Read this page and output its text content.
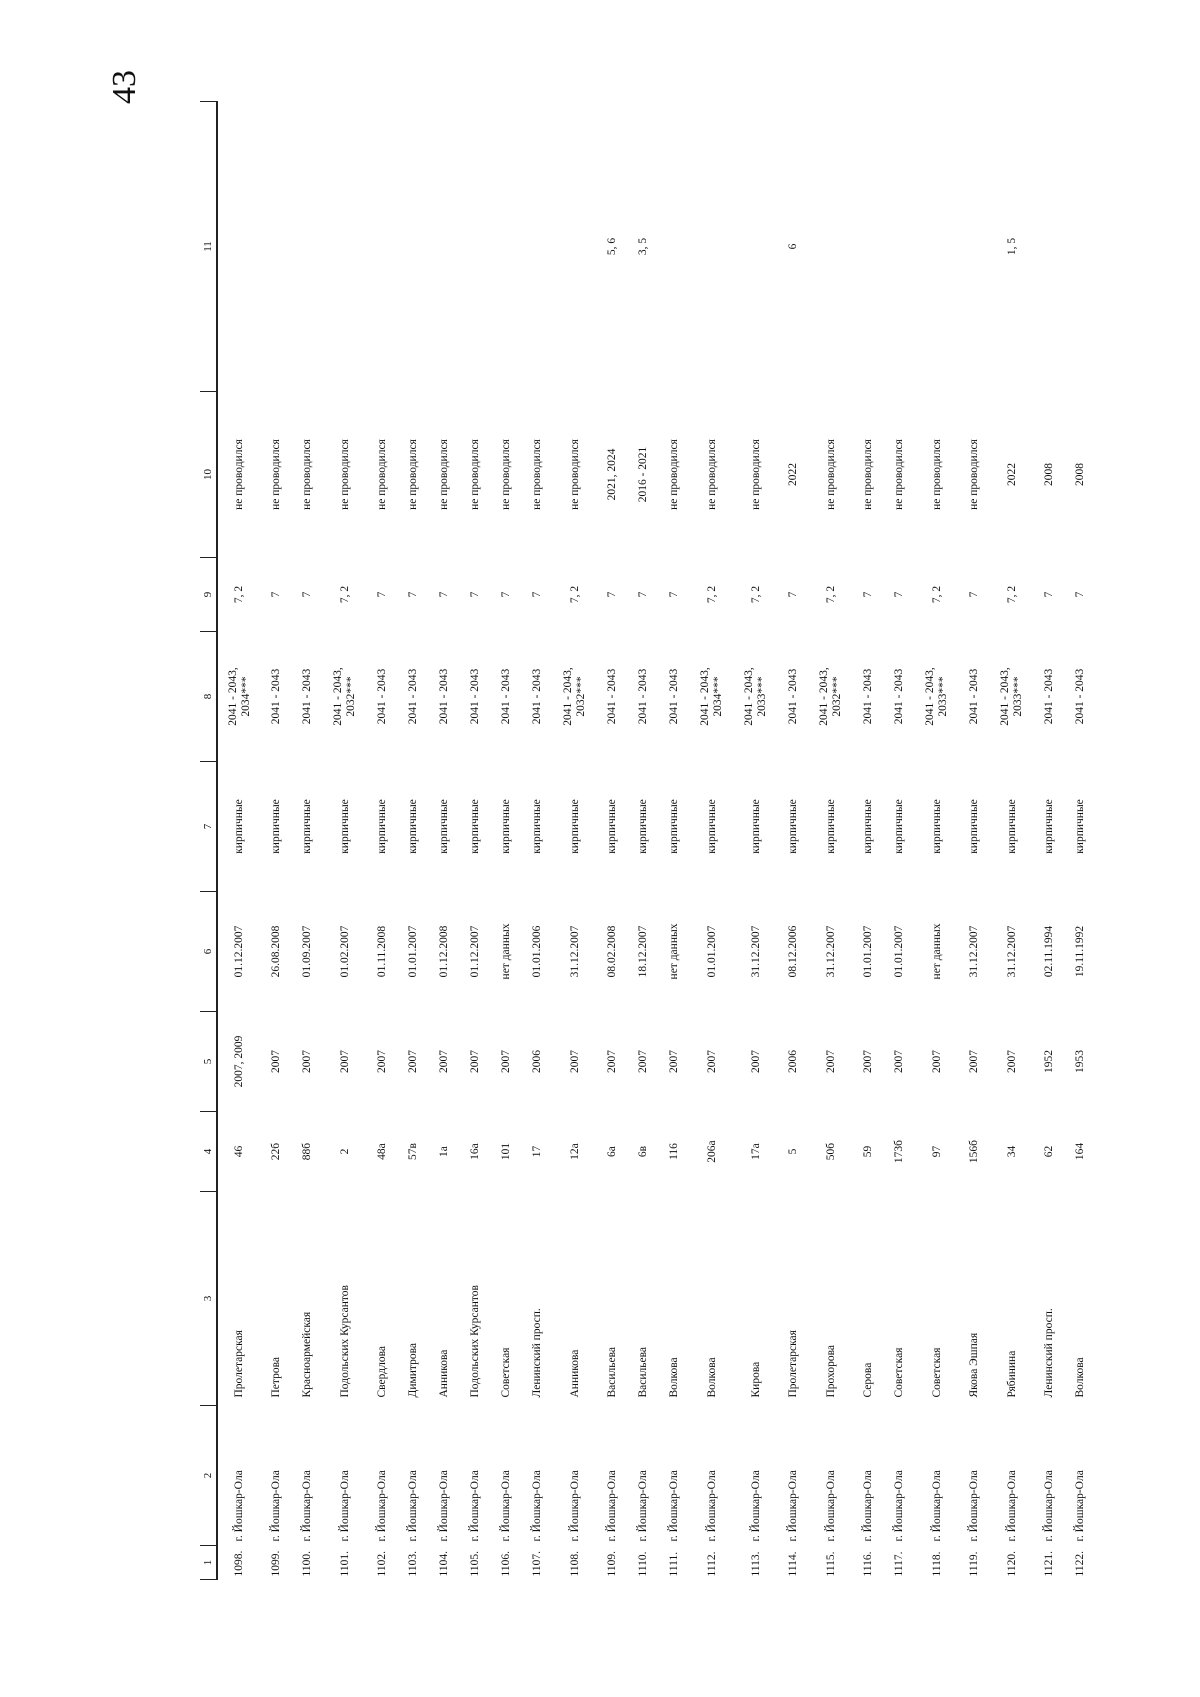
43
1	2	3	4	5	6	7	8	9	10	11
1098.	г. Йошкар-Ола	Пролетарская	46	2007, 2009	01.12.2007	кирпичные	2041 - 2043, 2034***	7, 2	не проводился	
1099.	г. Йошкар-Ола	Петрова	22б	2007	26.08.2008	кирпичные	2041 - 2043	7	не проводился	
1100.	г. Йошкар-Ола	Красноармейская	88б	2007	01.09.2007	кирпичные	2041 - 2043	7	не проводился	
1101.	г. Йошкар-Ола	Подольских Курсантов	2	2007	01.02.2007	кирпичные	2041 - 2043, 2032***	7, 2	не проводился	
1102.	г. Йошкар-Ола	Свердлова	48а	2007	01.11.2008	кирпичные	2041 - 2043	7	не проводился	
1103.	г. Йошкар-Ола	Димитрова	57в	2007	01.01.2007	кирпичные	2041 - 2043	7	не проводился	
1104.	г. Йошкар-Ола	Анникова	1а	2007	01.12.2008	кирпичные	2041 - 2043	7	не проводился	
1105.	г. Йошкар-Ола	Подольских Курсантов	16а	2007	01.12.2007	кирпичные	2041 - 2043	7	не проводился	
1106.	г. Йошкар-Ола	Советская	101	2007	нет данных	кирпичные	2041 - 2043	7	не проводился	
1107.	г. Йошкар-Ола	Ленинский просп.	17	2006	01.01.2006	кирпичные	2041 - 2043	7	не проводился	
1108.	г. Йошкар-Ола	Анникова	12а	2007	31.12.2007	кирпичные	2041 - 2043, 2032***	7, 2	не проводился	
1109.	г. Йошкар-Ола	Васильева	6а	2007	08.02.2008	кирпичные	2041 - 2043	7	2021, 2024	5, 6
1110.	г. Йошкар-Ола	Васильева	6в	2007	18.12.2007	кирпичные	2041 - 2043	7	2016 - 2021	3, 5
1111.	г. Йошкар-Ола	Волкова	116	2007	нет данных	кирпичные	2041 - 2043	7	не проводился	
1112.	г. Йошкар-Ола	Волкова	206а	2007	01.01.2007	кирпичные	2041 - 2043, 2034***	7, 2	не проводился	
1113.	г. Йошкар-Ола	Кирова	17а	2007	31.12.2007	кирпичные	2041 - 2043, 2033***	7, 2	не проводился	
1114.	г. Йошкар-Ола	Пролетарская	5	2006	08.12.2006	кирпичные	2041 - 2043	7	2022	6
1115.	г. Йошкар-Ола	Прохорова	50б	2007	31.12.2007	кирпичные	2041 - 2043, 2032***	7, 2	не проводился	
1116.	г. Йошкар-Ола	Серова	59	2007	01.01.2007	кирпичные	2041 - 2043	7	не проводился	
1117.	г. Йошкар-Ола	Советская	173б	2007	01.01.2007	кирпичные	2041 - 2043	7	не проводился	
1118.	г. Йошкар-Ола	Советская	97	2007	нет данных	кирпичные	2041 - 2043, 2033***	7, 2	не проводился	
1119.	г. Йошкар-Ола	Якова Эшпая	156б	2007	31.12.2007	кирпичные	2041 - 2043	7	не проводился	
1120.	г. Йошкар-Ола	Рябинина	34	2007	31.12.2007	кирпичные	2041 - 2043, 2033***	7, 2	2022	1, 5
1121.	г. Йошкар-Ола	Ленинский просп.	62	1952	02.11.1994	кирпичные	2041 - 2043	7	2008	
1122.	г. Йошкар-Ола	Волкова	164	1953	19.11.1992	кирпичные	2041 - 2043	7	2008	
